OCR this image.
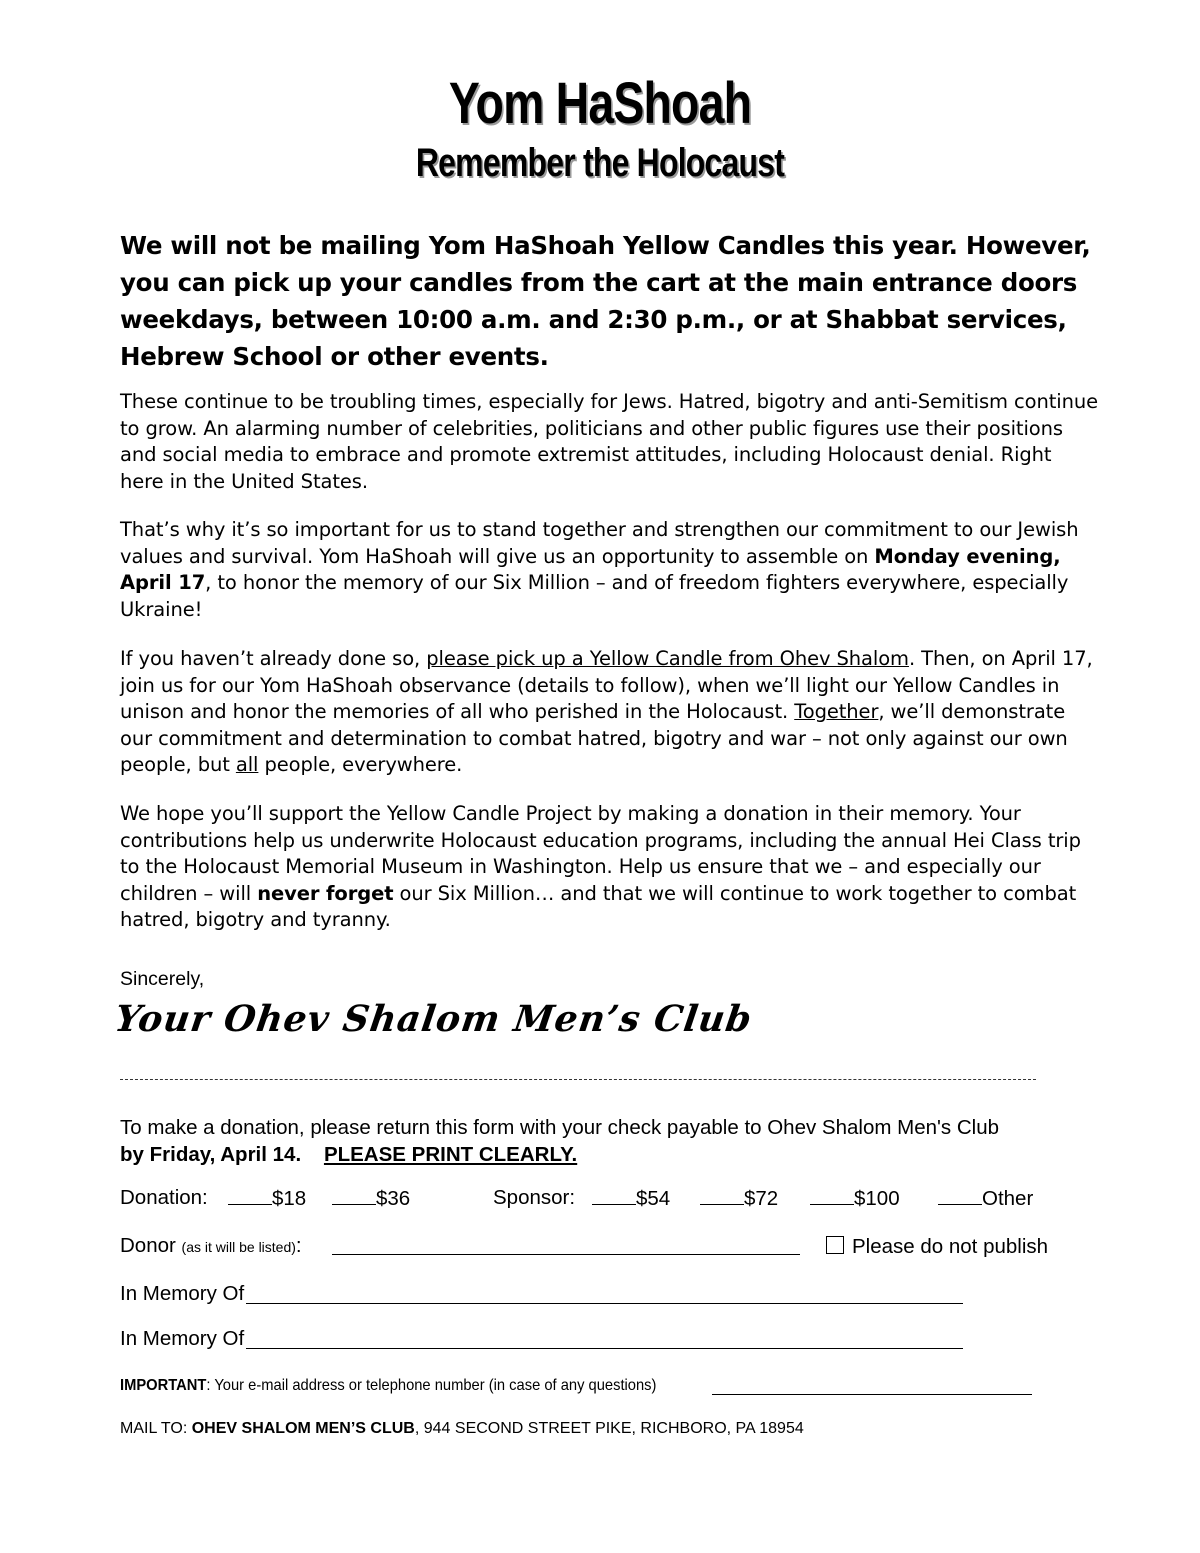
Yom HaShoah
Remember the Holocaust

We will not be mailing Yom HaShoah Yellow Candles this year. However, you can pick up your candles from the cart at the main entrance doors weekdays, between 10:00 a.m. and 2:30 p.m., or at Shabbat services, Hebrew School or other events.

These continue to be troubling times, especially for Jews. Hatred, bigotry and anti-Semitism continue to grow. An alarming number of celebrities, politicians and other public figures use their positions and social media to embrace and promote extremist attitudes, including Holocaust denial. Right here in the United States.

That’s why it’s so important for us to stand together and strengthen our commitment to our Jewish values and survival. Yom HaShoah will give us an opportunity to assemble on Monday evening, April 17, to honor the memory of our Six Million – and of freedom fighters everywhere, especially Ukraine!

If you haven’t already done so, please pick up a Yellow Candle from Ohev Shalom. Then, on April 17, join us for our Yom HaShoah observance (details to follow), when we’ll light our Yellow Candles in unison and honor the memories of all who perished in the Holocaust. Together, we’ll demonstrate our commitment and determination to combat hatred, bigotry and war – not only against our own people, but all people, everywhere.

We hope you’ll support the Yellow Candle Project by making a donation in their memory. Your contributions help us underwrite Holocaust education programs, including the annual Hei Class trip to the Holocaust Memorial Museum in Washington. Help us ensure that we – and especially our children – will never forget our Six Million… and that we will continue to work together to combat hatred, bigotry and tyranny.

Sincerely,
Your Ohev Shalom Men’s Club

To make a donation, please return this form with your check payable to Ohev Shalom Men's Club
by Friday, April 14. PLEASE PRINT CLEARLY.

Donation:	$18	$36	Sponsor:	$54	$72	$100	Other
Donor (as it will be listed):	Please do not publish
In Memory Of
In Memory Of
IMPORTANT: Your e-mail address or telephone number (in case of any questions)
MAIL TO: OHEV SHALOM MEN’S CLUB, 944 SECOND STREET PIKE, RICHBORO, PA 18954
